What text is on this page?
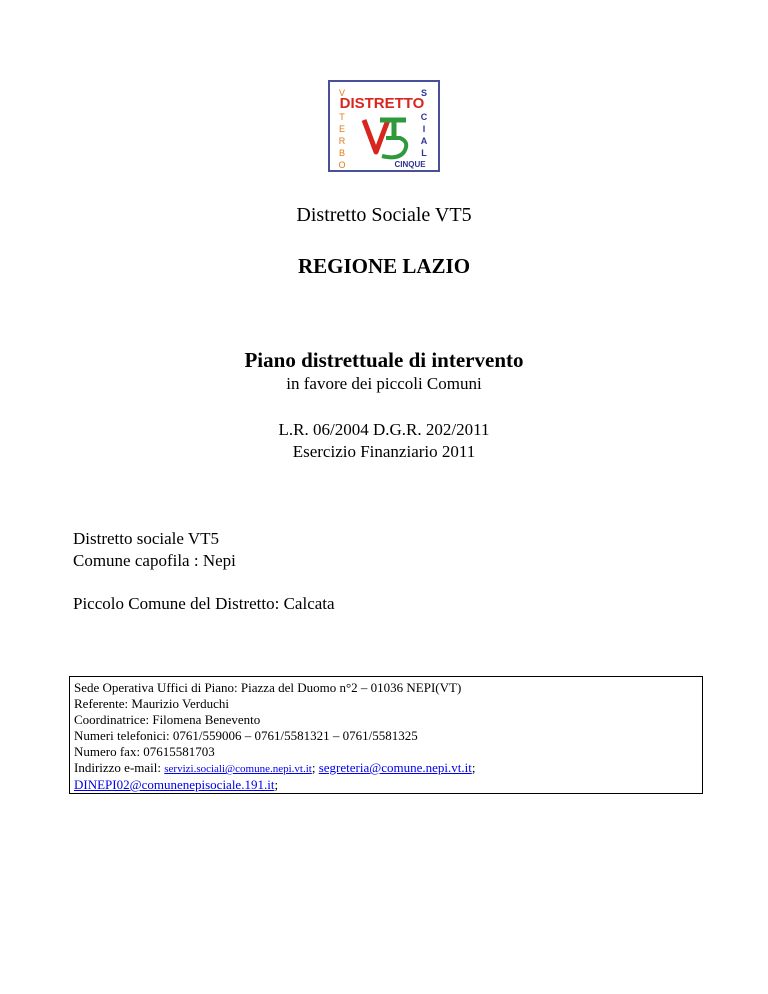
V
DISTRETTO
T
E
R
B
O
S
C
I
A
L
CINQUE
Distretto Sociale VT5
REGIONE LAZIO
Piano distrettuale di intervento
in favore dei piccoli Comuni
L.R. 06/2004 D.G.R. 202/2011
Esercizio Finanziario 2011
Distretto sociale VT5
Comune capofila : Nepi
Piccolo Comune del Distretto: Calcata
Sede Operativa Uffici di Piano: Piazza del Duomo n°2 – 01036 NEPI(VT)
Referente: Maurizio Verduchi
Coordinatrice: Filomena Benevento
Numeri telefonici: 0761/559006 – 0761/5581321 – 0761/5581325
Numero fax: 07615581703
Indirizzo e-mail: servizi.sociali@comune.nepi.vt.it; segreteria@comune.nepi.vt.it;
DINEPI02@comunenepisociale.191.it;
